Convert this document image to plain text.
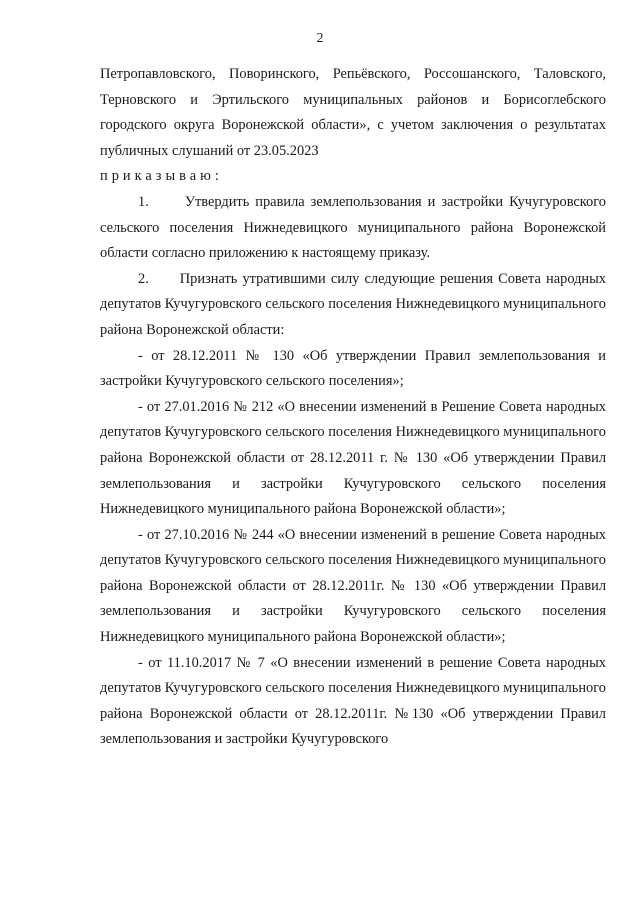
2

Петропавловского, Поворинского, Репьёвского, Россошанского, Таловского, Терновского и Эртильского муниципальных районов и Борисоглебского городского округа Воронежской области», с учетом заключения о результатах публичных слушаний от 23.05.2023

приказываю:

1.      Утвердить правила землепользования и застройки Кучугуровского сельского поселения Нижнедевицкого муниципального района Воронежской области согласно приложению к настоящему приказу.

2.      Признать утратившими силу следующие решения Совета народных депутатов Кучугуровского сельского поселения Нижнедевицкого муниципального района Воронежской области:

- от 28.12.2011 № 130 «Об утверждении Правил землепользования и застройки Кучугуровского сельского поселения»;

- от 27.01.2016 № 212 «О внесении изменений в Решение Совета народных депутатов Кучугуровского сельского поселения Нижнедевицкого муниципального района Воронежской области от 28.12.2011 г. № 130 «Об утверждении Правил землепользования и застройки Кучугуровского сельского поселения Нижнедевицкого муниципального района Воронежской области»;

- от 27.10.2016 № 244 «О внесении изменений в решение Совета народных депутатов Кучугуровского сельского поселения Нижнедевицкого муниципального района Воронежской области от 28.12.2011г. № 130 «Об утверждении Правил землепользования и застройки Кучугуровского сельского поселения Нижнедевицкого муниципального района Воронежской области»;

- от 11.10.2017 № 7 «О внесении изменений в решение Совета народных депутатов Кучугуровского сельского поселения Нижнедевицкого муниципального района Воронежской области от 28.12.2011г. №130 «Об утверждении Правил землепользования и застройки Кучугуровского
